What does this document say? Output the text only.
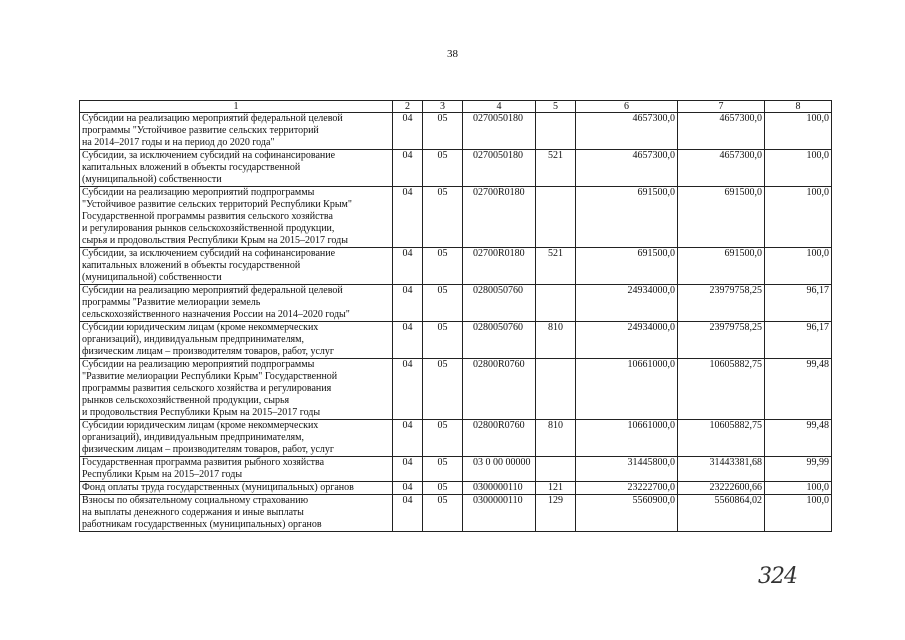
38
1	2	3	4	5	6	7	8
Субсидии на реализацию мероприятий федеральной целевой
программы "Устойчивое развитие сельских территорий
на 2014–2017 годы и на период до 2020 года"	04	05	0270050180		4657300,0	4657300,0	100,0
Субсидии, за исключением субсидий на софинансирование
капитальных вложений в объекты государственной
(муниципальной) собственности	04	05	0270050180	521	4657300,0	4657300,0	100,0
Субсидии на реализацию мероприятий подпрограммы
"Устойчивое развитие сельских территорий Республики Крым"
Государственной программы развития сельского хозяйства
и регулирования рынков сельскохозяйственной продукции,
сырья и продовольствия Республики Крым на 2015–2017 годы	04	05	02700R0180		691500,0	691500,0	100,0
Субсидии, за исключением субсидий на софинансирование
капитальных вложений в объекты государственной
(муниципальной) собственности	04	05	02700R0180	521	691500,0	691500,0	100,0
Субсидии на реализацию мероприятий федеральной целевой
программы "Развитие мелиорации земель
сельскохозяйственного назначения России на 2014–2020 годы"	04	05	0280050760		24934000,0	23979758,25	96,17
Субсидии юридическим лицам (кроме некоммерческих
организаций), индивидуальным предпринимателям,
физическим лицам – производителям товаров, работ, услуг	04	05	0280050760	810	24934000,0	23979758,25	96,17
Субсидии на реализацию мероприятий подпрограммы
"Развитие мелиорации Республики Крым" Государственной
программы развития сельского хозяйства и регулирования
рынков сельскохозяйственной продукции, сырья
и продовольствия Республики Крым на 2015–2017 годы	04	05	02800R0760		10661000,0	10605882,75	99,48
Субсидии юридическим лицам (кроме некоммерческих
организаций), индивидуальным предпринимателям,
физическим лицам – производителям товаров, работ, услуг	04	05	02800R0760	810	10661000,0	10605882,75	99,48
Государственная программа развития рыбного хозяйства
Республики Крым на 2015–2017 годы	04	05	03 0 00 00000		31445800,0	31443381,68	99,99
Фонд оплаты труда государственных (муниципальных) органов	04	05	0300000110	121	23222700,0	23222600,66	100,0
Взносы по обязательному социальному страхованию
на выплаты денежного содержания и иные выплаты
работникам государственных (муниципальных) органов	04	05	0300000110	129	5560900,0	5560864,02	100,0
324
